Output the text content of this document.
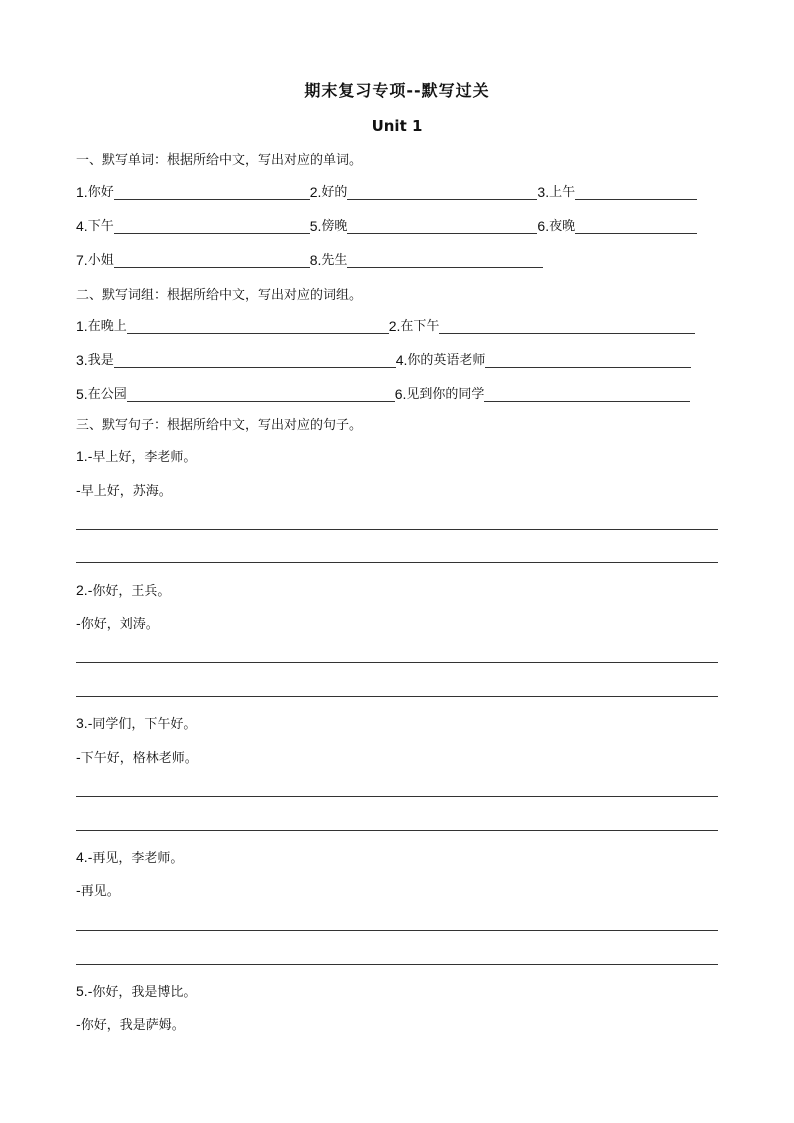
期末复习专项--默写过关
Unit 1
一、默写单词：根据所给中文，写出对应的单词。
1. 你好	2. 好的	3. 上午
4. 下午	5. 傍晚	6. 夜晚
7. 小姐	8. 先生
二、默写词组：根据所给中文，写出对应的词组。
1. 在晚上	2. 在下午
3. 我是	4. 你的英语老师
5. 在公园	6. 见到你的同学
三、默写句子：根据所给中文，写出对应的句子。
1.-早上好，李老师。
-早上好，苏海。
2.-你好，王兵。
-你好，刘涛。
3.-同学们，下午好。
-下午好，格林老师。
4.-再见，李老师。
-再见。
5.-你好，我是博比。
-你好，我是萨姆。
